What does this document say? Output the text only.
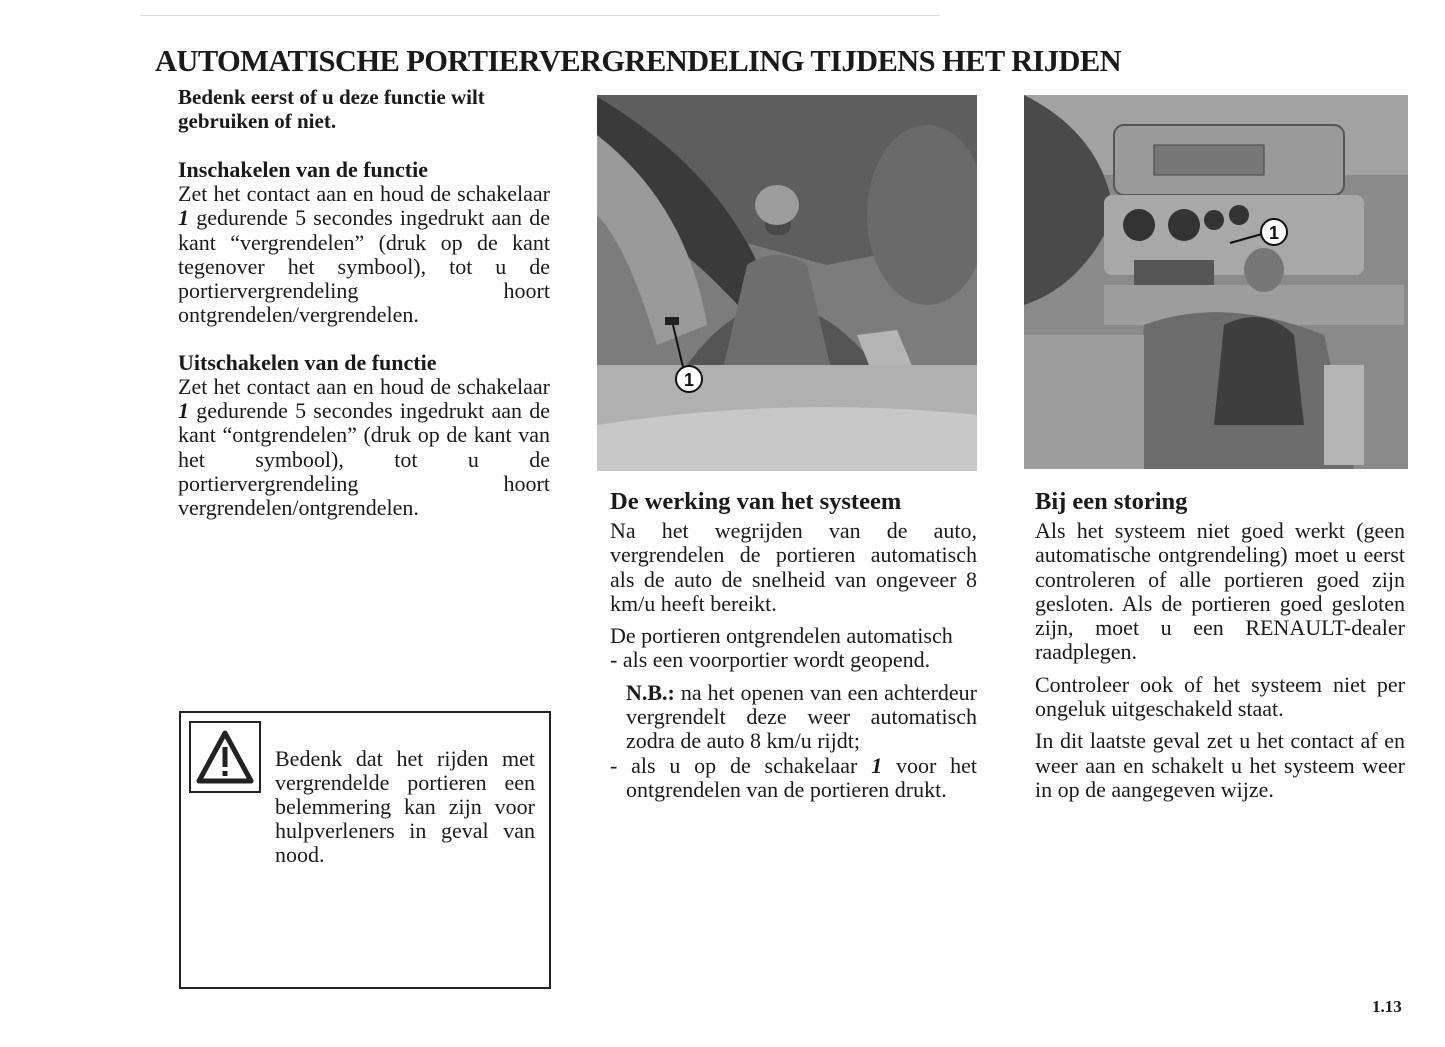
AUTOMATISCHE PORTIERVERGRENDELING TIJDENS HET RIJDEN

Bedenk eerst of u deze functie wilt gebruiken of niet.

Inschakelen van de functie

Zet het contact aan en houd de schakelaar 1 gedurende 5 secondes ingedrukt aan de kant “vergrendelen” (druk op de kant tegenover het symbool), tot u de portiervergrendeling hoort ontgrendelen/vergrendelen.

Uitschakelen van de functie

Zet het contact aan en houd de schakelaar 1 gedurende 5 secondes ingedrukt aan de kant “ontgrendelen” (druk op de kant van het symbool), tot u de portiervergrendeling hoort vergrendelen/ontgrendelen.

Bedenk dat het rijden met vergrendelde portieren een belemmering kan zijn voor hulpverleners in geval van nood.

1
1
De werking van het systeem

Na het wegrijden van de auto, vergrendelen de portieren automatisch als de auto de snelheid van ongeveer 8 km/u heeft bereikt.

De portieren ontgrendelen automatisch

- als een voorportier wordt geopend.

N.B.: na het openen van een achterdeur vergrendelt deze weer automatisch zodra de auto 8 km/u rijdt;

- als u op de schakelaar 1 voor het ontgrendelen van de portieren drukt.

Bij een storing

Als het systeem niet goed werkt (geen automatische ontgrendeling) moet u eerst controleren of alle portieren goed zijn gesloten. Als de portieren goed gesloten zijn, moet u een RENAULT-dealer raadplegen.

Controleer ook of het systeem niet per ongeluk uitgeschakeld staat.

In dit laatste geval zet u het contact af en weer aan en schakelt u het systeem weer in op de aangegeven wijze.

1.13
